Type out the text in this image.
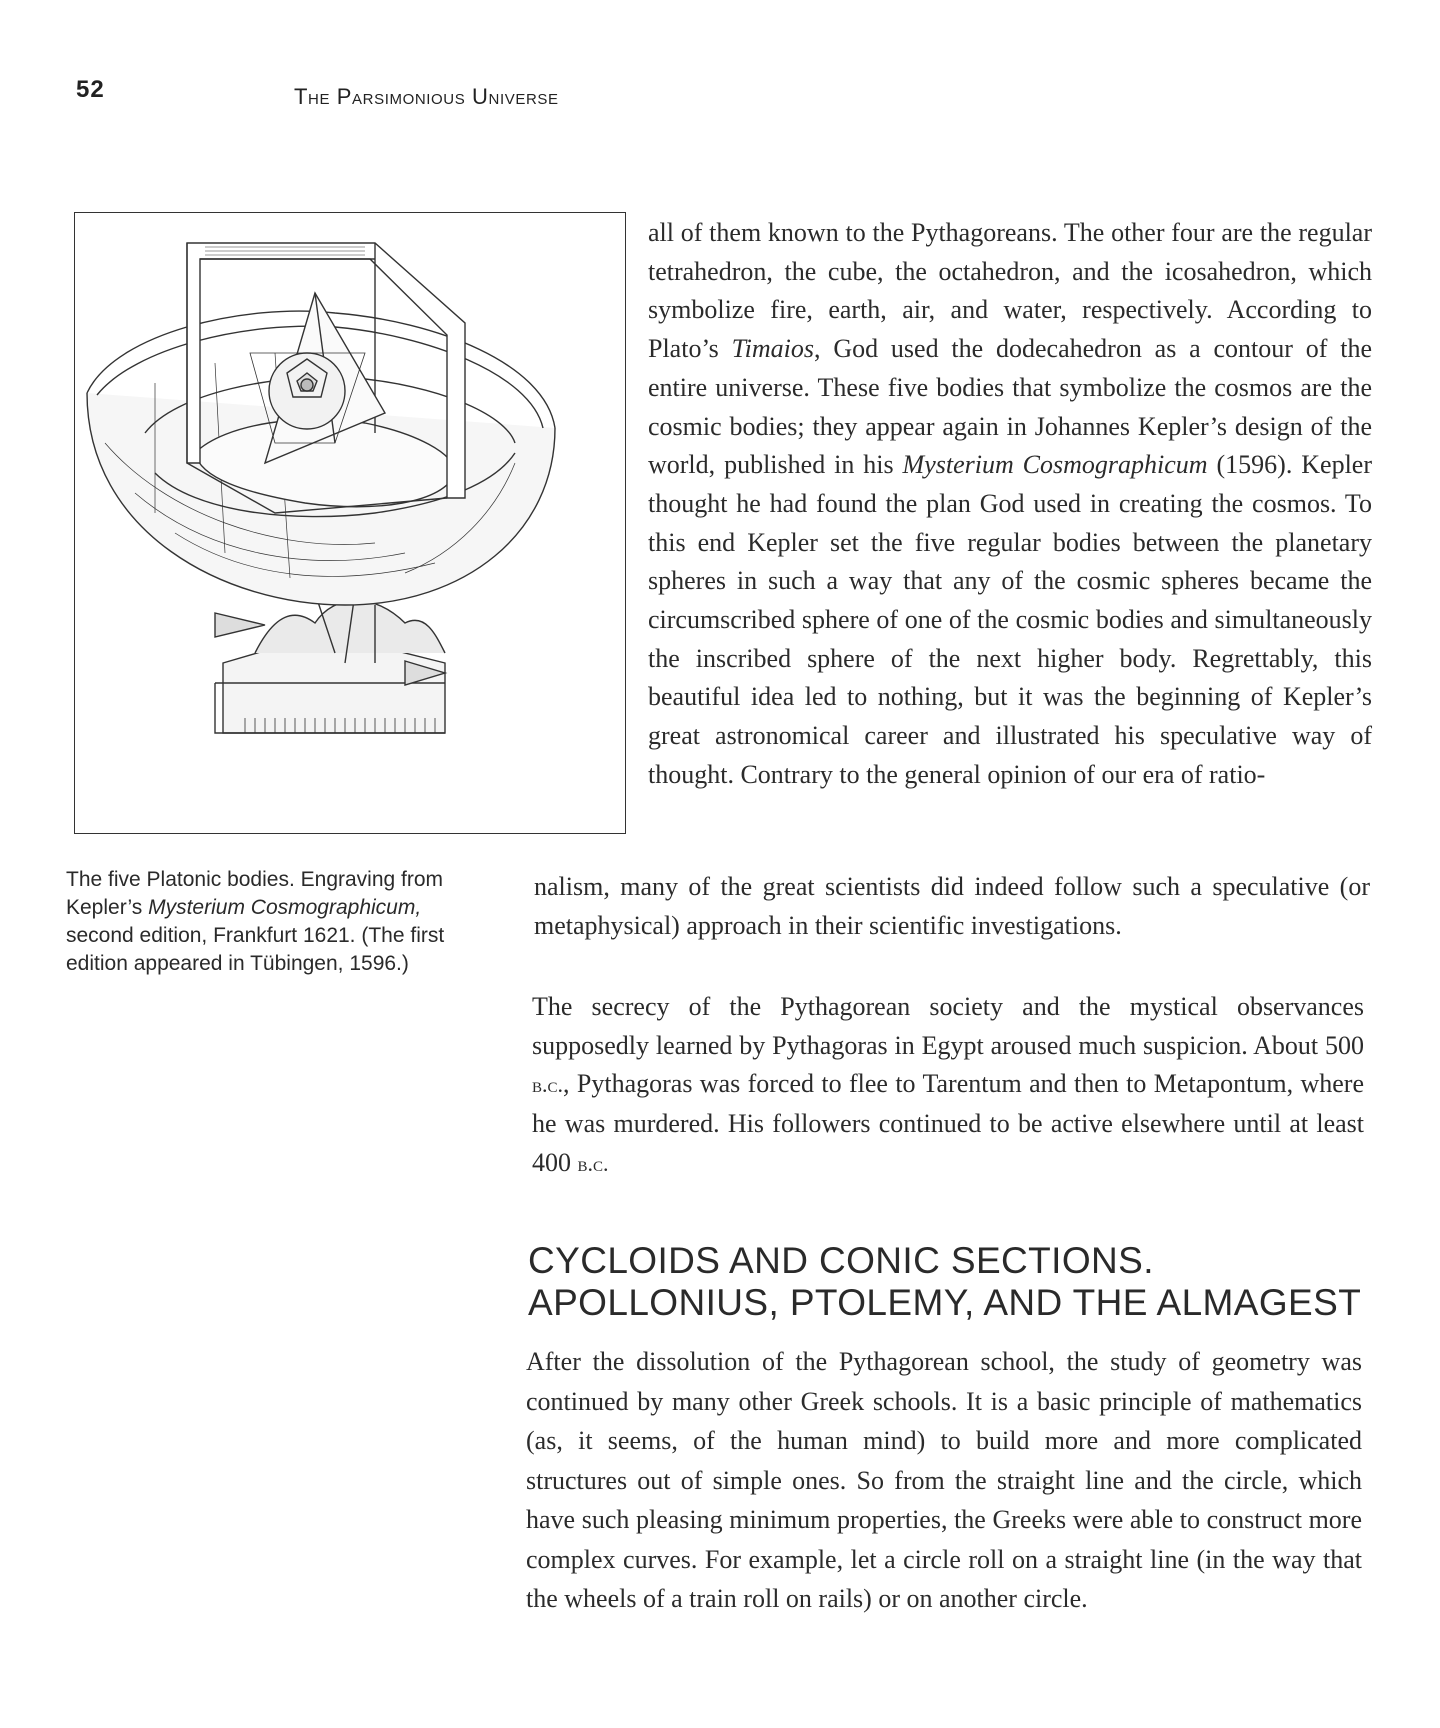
52	The Parsimonious Universe
The five Platonic bodies. Engraving from
Kepler’s Mysterium Cosmographicum,
second edition, Frankfurt 1621. (The first
edition appeared in Tübingen, 1596.)

all of them known to the Pythagoreans. The other four are the regular tetrahedron, the cube, the octahedron, and the icosahedron, which symbolize fire, earth, air, and water, respectively. According to Plato’s Timaios, God used the dodecahedron as a contour of the entire universe. These five bodies that symbolize the cosmos are the cosmic bodies; they appear again in Johannes Kepler’s design of the world, published in his Mysterium Cosmographicum (1596). Kepler thought he had found the plan God used in creating the cosmos. To this end Kepler set the five regular bodies between the planetary spheres in such a way that any of the cosmic spheres became the circumscribed sphere of one of the cosmic bodies and simultaneously the inscribed sphere of the next higher body. Regrettably, this beautiful idea led to nothing, but it was the beginning of Kepler’s great astronomical career and illustrated his speculative way of thought. Contrary to the general opinion of our era of ratio-

nalism, many of the great scientists did indeed follow such a speculative (or metaphysical) approach in their scientific investigations.

The secrecy of the Pythagorean society and the mystical observances supposedly learned by Pythagoras in Egypt aroused much suspicion. About 500 b.c., Pythagoras was forced to flee to Tarentum and then to Metapontum, where he was murdered. His followers continued to be active elsewhere until at least 400 b.c.

CYCLOIDS AND CONIC SECTIONS.
APOLLONIUS, PTOLEMY, AND THE ALMAGEST

After the dissolution of the Pythagorean school, the study of geometry was continued by many other Greek schools. It is a basic principle of mathematics (as, it seems, of the human mind) to build more and more complicated structures out of simple ones. So from the straight line and the circle, which have such pleasing minimum properties, the Greeks were able to construct more complex curves. For example, let a circle roll on a straight line (in the way that the wheels of a train roll on rails) or on another circle.
